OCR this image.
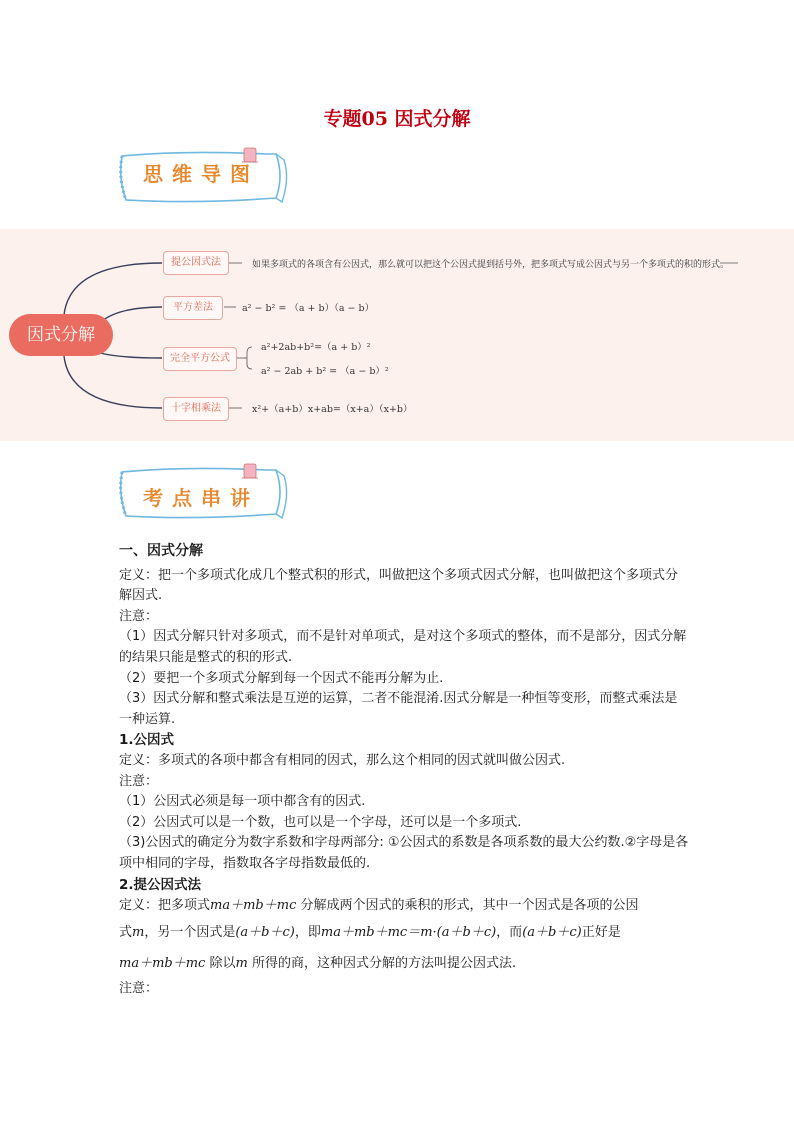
专题05 因式分解
思维导图
因式分解
提公因式法
平方差法
完全平方公式
十字相乘法
如果多项式的各项含有公因式，那么就可以把这个公因式提到括号外，把多项式写成公因式与另一个多项式的积的形式。
a² − b² = （a + b）（a − b）
a²+2ab+b²=（a + b）²
a² − 2ab + b² = （a − b）²
x²+（a+b）x+ab=（x+a）（x+b）
考点串讲

一、因式分解

定义：把一个多项式化成几个整式积的形式，叫做把这个多项式因式分解，也叫做把这个多项式分解因式.

注意：

（1）因式分解只针对多项式，而不是针对单项式，是对这个多项式的整体，而不是部分，因式分解的结果只能是整式的积的形式.

（2）要把一个多项式分解到每一个因式不能再分解为止.

（3）因式分解和整式乘法是互逆的运算，二者不能混淆.因式分解是一种恒等变形，而整式乘法是一种运算.

1.公因式

定义：多项式的各项中都含有相同的因式，那么这个相同的因式就叫做公因式.

注意：

（1）公因式必须是每一项中都含有的因式.

（2）公因式可以是一个数，也可以是一个字母，还可以是一个多项式.

（3)公因式的确定分为数字系数和字母两部分: ①公因式的系数是各项系数的最大公约数.②字母是各项中相同的字母，指数取各字母指数最低的.

2.提公因式法

定义：把多项式ma＋mb＋mc 分解成两个因式的乘积的形式，其中一个因式是各项的公因

式m，另一个因式是(a＋b＋c)，即ma＋mb＋mc＝m·(a＋b＋c)，而(a＋b＋c)正好是

ma＋mb＋mc 除以m 所得的商，这种因式分解的方法叫提公因式法.

注意：
